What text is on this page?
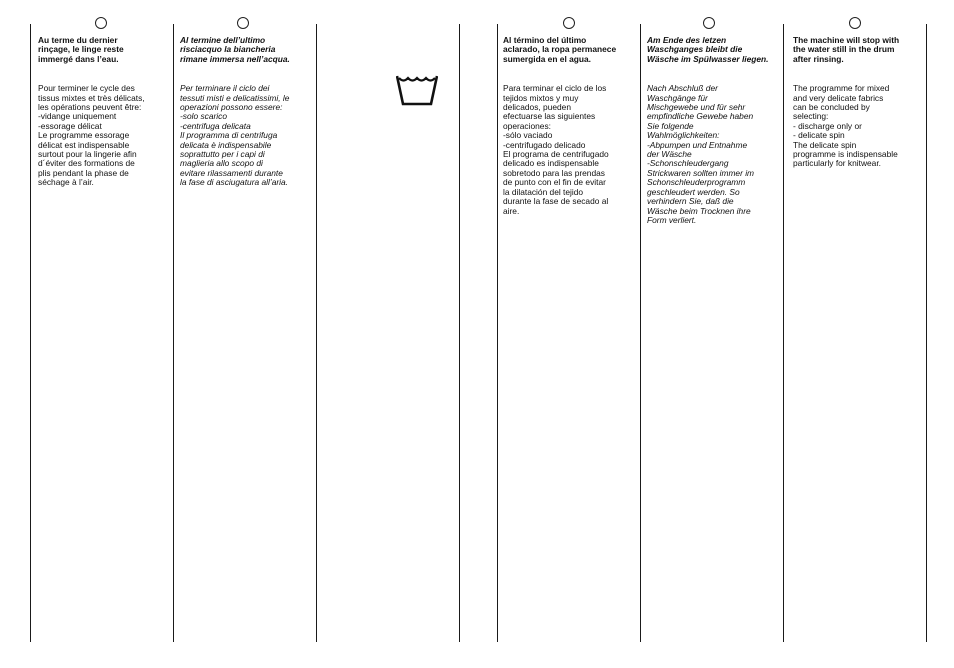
Au terme du dernier
rinçage, le linge reste
immergé dans l’eau.

Pour terminer le cycle des
tissus mixtes et très délicats,
les opérations peuvent être:
-vidange uniquement
-essorage délicat
Le programme essorage
délicat est indispensable
surtout pour la lingerie afin
d´éviter des formations de
plis pendant la phase de
séchage à l’air.

Al termine dell’ultimo
risciacquo la biancheria
rimane immersa nell’acqua.

Per terminare il ciclo dei
tessuti misti e delicatissimi, le
operazioni possono essere:
-solo scarico
-centrifuga delicata
Il programma di centrifuga
delicata è indispensabile
soprattutto per i capi di
maglieria allo scopo di
evitare rilassamenti durante
la fase di asciugatura all’aria.

Al término del último
aclarado, la ropa permanece
sumergida en el agua.

Para terminar el ciclo de los
tejidos mixtos y muy
delicados, pueden
efectuarse las siguientes
operaciones:
-sólo vaciado
-centrifugado delicado
El programa de centrifugado
delicado es indispensable
sobretodo para las prendas
de punto con el fin de evitar
la dilatación del tejido
durante la fase de secado al
aire.

Am Ende des letzen
Waschganges bleibt die
Wäsche im Spülwasser liegen.

Nach Abschluß der
Waschgänge für
Mischgewebe und für sehr
empfindliche Gewebe haben
Sie folgende
Wahlmöglichkeiten:
-Abpumpen und Entnahme
der Wäsche
-Schonschleudergang
Strickwaren sollten immer im
Schonschleuderprogramm
geschleudert werden. So
verhindern Sie, daß die
Wäsche beim Trocknen ihre
Form verliert.

The machine will stop with
the water still in the drum
after rinsing.

The programme for mixed
and very delicate fabrics
can be concluded by
selecting:
- discharge only or
- delicate spin
The delicate spin
programme is indispensable
particularly for knitwear.
